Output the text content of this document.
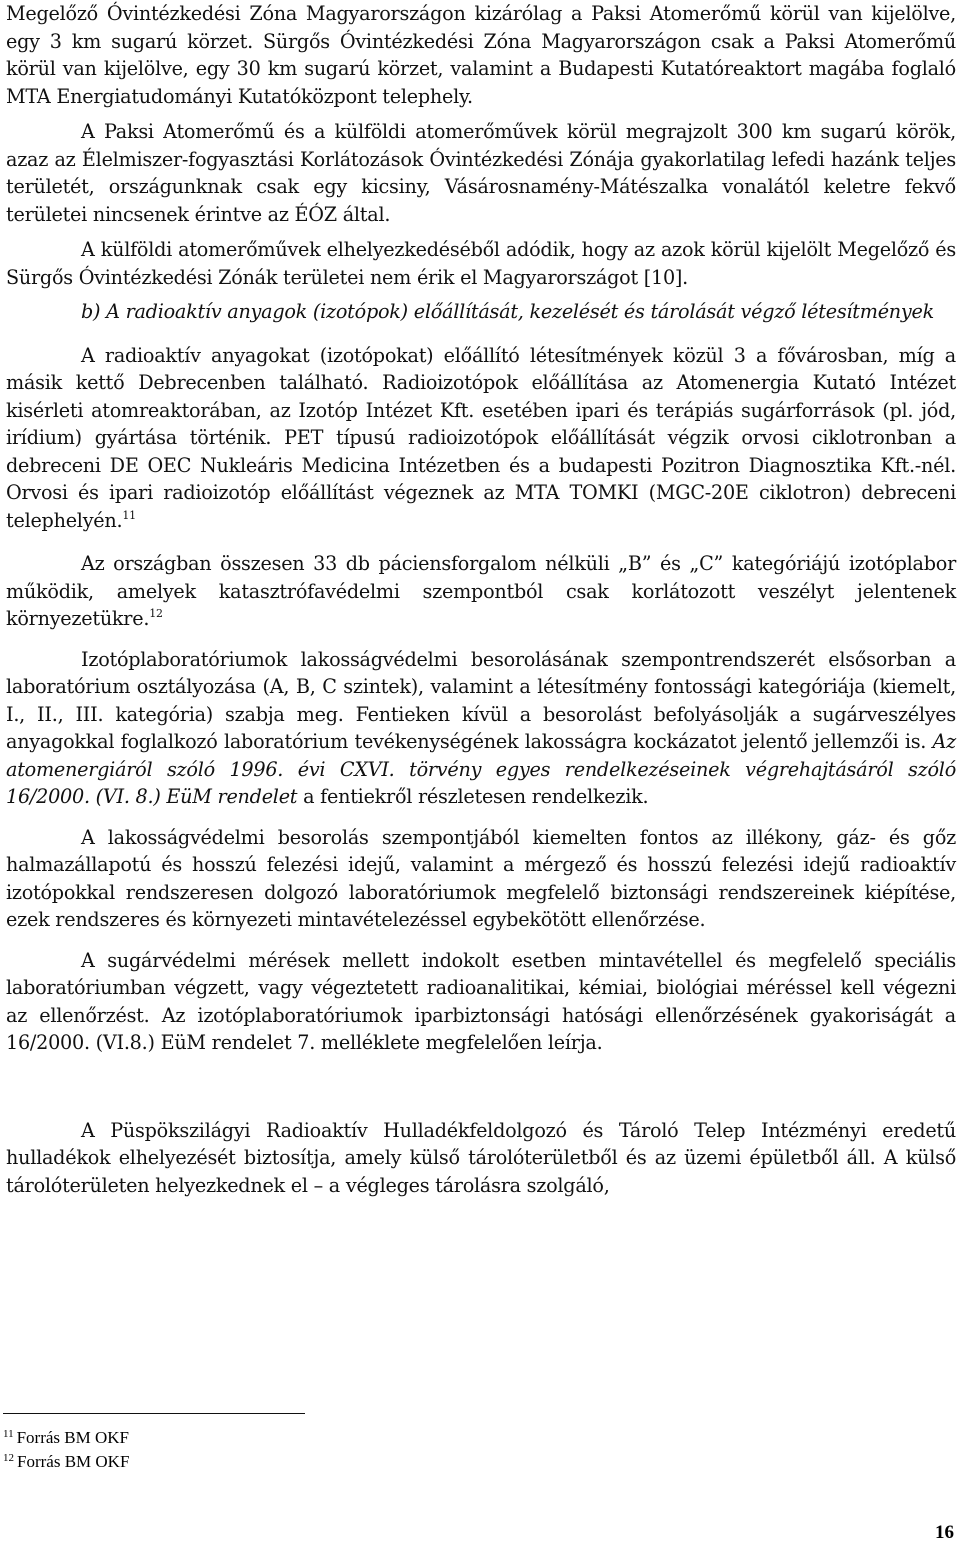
Megelőző Óvintézkedési Zóna Magyarországon kizárólag a Paksi Atomerőmű körül van kijelölve, egy 3 km sugarú körzet. Sürgős Óvintézkedési Zóna Magyarországon csak a Paksi Atomerőmű körül van kijelölve, egy 30 km sugarú körzet, valamint a Budapesti Kutatóreaktort magába foglaló MTA Energiatudományi Kutatóközpont telephely.

A Paksi Atomerőmű és a külföldi atomerőművek körül megrajzolt 300 km sugarú körök, azaz az Élelmiszer-fogyasztási Korlátozások Óvintézkedési Zónája gyakorlatilag lefedi hazánk teljes területét, országunknak csak egy kicsiny, Vásárosnamény-Mátészalka vonalától keletre fekvő területei nincsenek érintve az ÉÓZ által.

A külföldi atomerőművek elhelyezkedéséből adódik, hogy az azok körül kijelölt Megelőző és Sürgős Óvintézkedési Zónák területei nem érik el Magyarországot [10].

b) A radioaktív anyagok (izotópok) előállítását, kezelését és tárolását végző létesítmények

A radioaktív anyagokat (izotópokat) előállító létesítmények közül 3 a fővárosban, míg a másik kettő Debrecenben található. Radioizotópok előállítása az Atomenergia Kutató Intézet kisérleti atomreaktorában, az Izotóp Intézet Kft. esetében ipari és terápiás sugárforrások (pl. jód, irídium) gyártása történik. PET típusú radioizotópok előállítását végzik orvosi ciklotronban a debreceni DE OEC Nukleáris Medicina Intézetben és a budapesti Pozitron Diagnosztika Kft.-nél. Orvosi és ipari radioizotóp előállítást végeznek az MTA TOMKI (MGC-20E ciklotron) debreceni telephelyén.$^{11}$

Az országban összesen 33 db páciensforgalom nélküli „B” és „C” kategóriájú izotóplabor működik, amelyek katasztrófavédelmi szempontból csak korlátozott veszélyt jelentenek környezetükre.$^{12}$

Izotóplaboratóriumok lakosságvédelmi besorolásának szempontrendszerét elsősorban a laboratórium osztályozása (A, B, C szintek), valamint a létesítmény fontossági kategóriája (kiemelt, I., II., III. kategória) szabja meg. Fentieken kívül a besorolást befolyásolják a sugárveszélyes anyagokkal foglalkozó laboratórium tevékenységének lakosságra kockázatot jelentő jellemzői is. Az atomenergiáról szóló 1996. évi CXVI. törvény egyes rendelkezéseinek végrehajtásáról szóló 16/2000. (VI. 8.) EüM rendelet a fentiekről részletesen rendelkezik.

A lakosságvédelmi besorolás szempontjából kiemelten fontos az illékony, gáz- és gőz halmazállapotú és hosszú felezési idejű, valamint a mérgező és hosszú felezési idejű radioaktív izotópokkal rendszeresen dolgozó laboratóriumok megfelelő biztonsági rendszereinek kiépítése, ezek rendszeres és környezeti mintavételezéssel egybekötött ellenőrzése.

A sugárvédelmi mérések mellett indokolt esetben mintavétellel és megfelelő speciális laboratóriumban végzett, vagy végeztetett radioanalitikai, kémiai, biológiai méréssel kell végezni az ellenőrzést. Az izotóplaboratóriumok iparbiztonsági hatósági ellenőrzésének gyakoriságát a 16/2000. (VI.8.) EüM rendelet 7. melléklete megfelelően leírja.

A Püspökszilágyi Radioaktív Hulladékfeldolgozó és Tároló Telep Intézményi eredetű hulladékok elhelyezését biztosítja, amely külső tárolóterületből és az üzemi épületből áll. A külső tárolóterületen helyezkednek el – a végleges tárolásra szolgáló,

$^{11}$ Forrás BM OKF
$^{12}$ Forrás BM OKF
16
